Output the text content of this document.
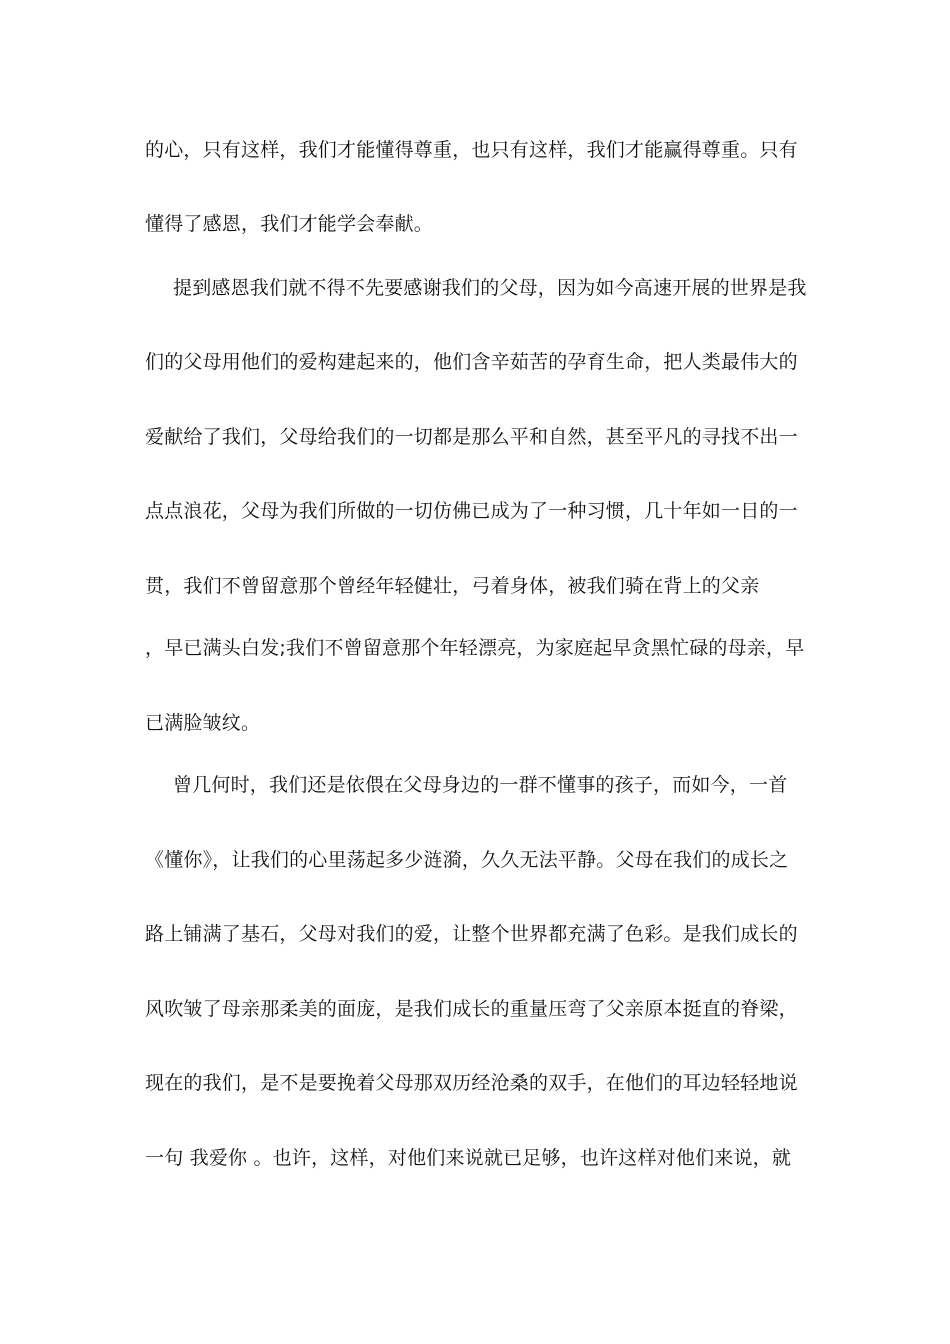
的心，只有这样，我们才能懂得尊重，也只有这样，我们才能赢得尊重。只有
懂得了感恩，我们才能学会奉献。
提到感恩我们就不得不先要感谢我们的父母，因为如今高速开展的世界是我
们的父母用他们的爱构建起来的，他们含辛茹苦的孕育生命，把人类最伟大的
爱献给了我们，父母给我们的一切都是那么平和自然，甚至平凡的寻找不出一
点点浪花，父母为我们所做的一切仿佛已成为了一种习惯，几十年如一日的一
贯，我们不曾留意那个曾经年轻健壮，弓着身体，被我们骑在背上的父亲
，早已满头白发;我们不曾留意那个年轻漂亮，为家庭起早贪黑忙碌的母亲，早
已满脸皱纹。
曾几何时，我们还是依偎在父母身边的一群不懂事的孩子，而如今，一首
《懂你》，让我们的心里荡起多少涟漪，久久无法平静。父母在我们的成长之
路上铺满了基石，父母对我们的爱，让整个世界都充满了色彩。是我们成长的
风吹皱了母亲那柔美的面庞，是我们成长的重量压弯了父亲原本挺直的脊梁，
现在的我们，是不是要挽着父母那双历经沧桑的双手，在他们的耳边轻轻地说
一句 我爱你 。也许，这样，对他们来说就已足够，也许这样对他们来说，就
